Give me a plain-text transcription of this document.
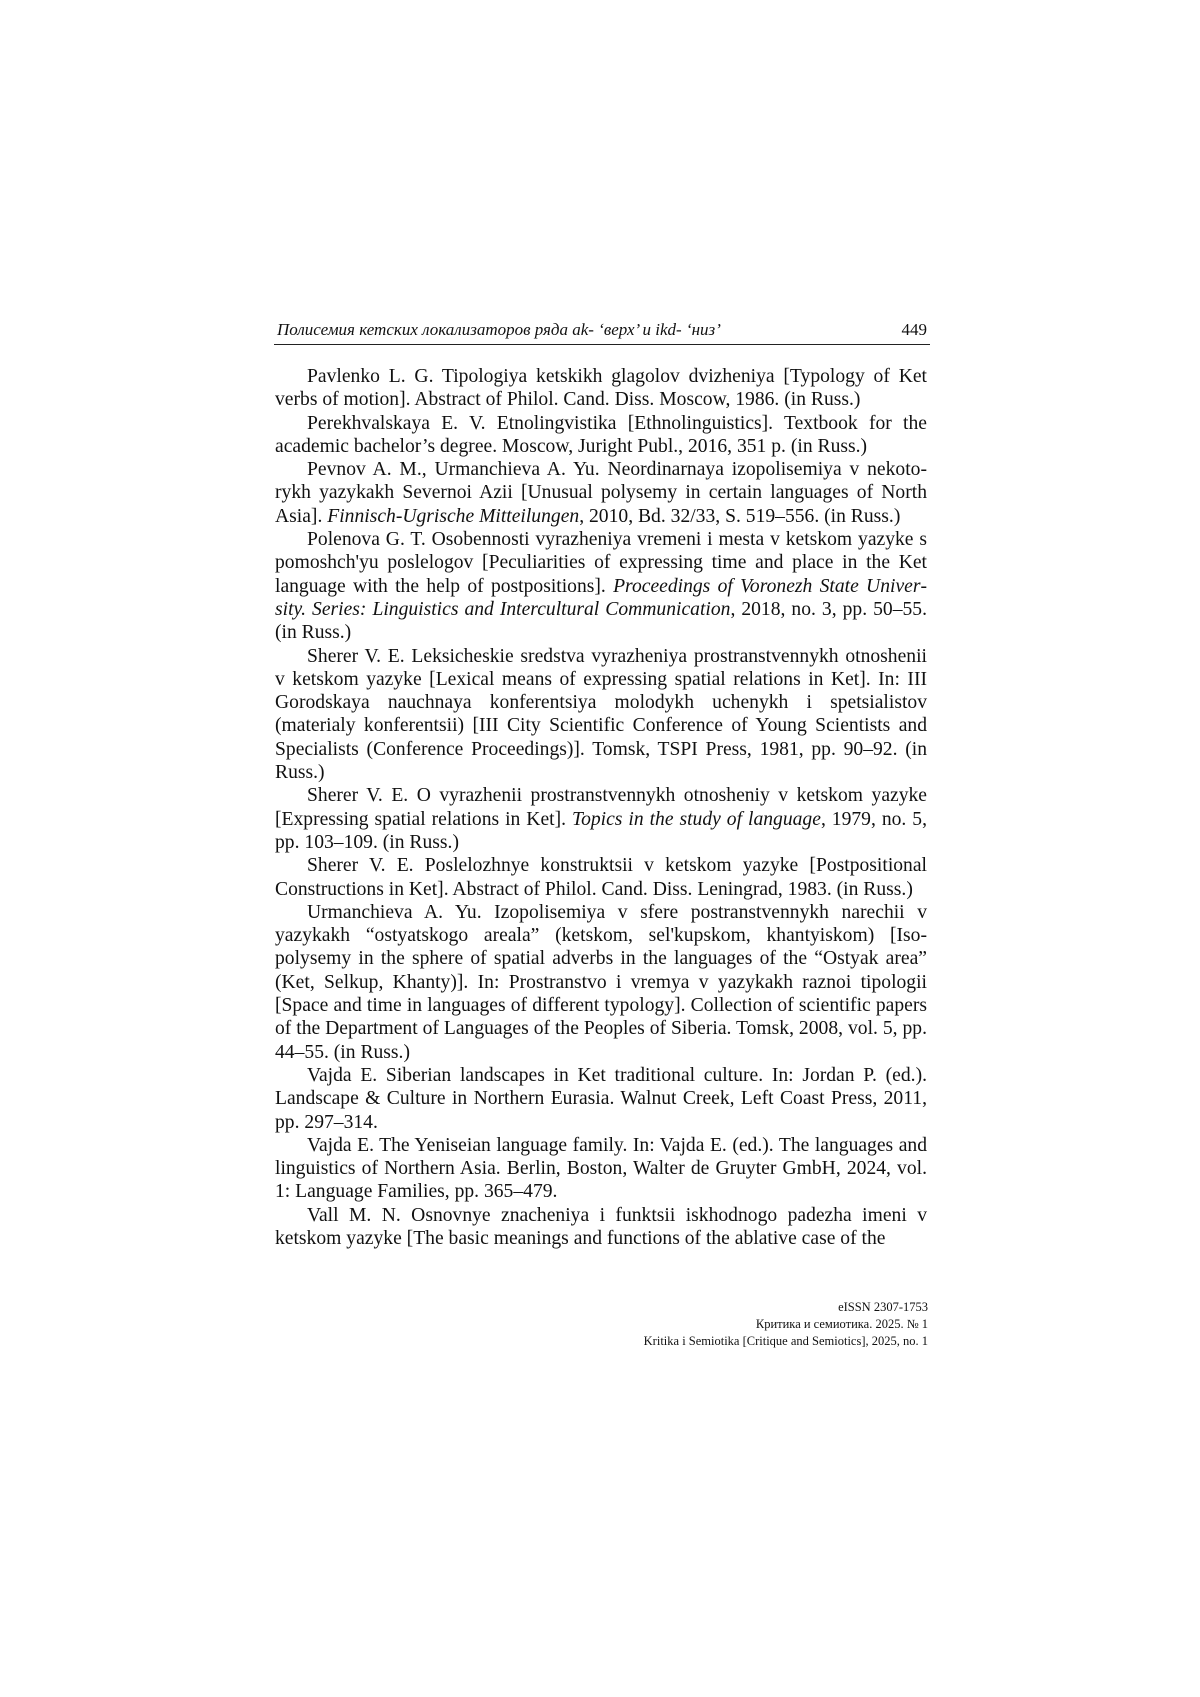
Полисемия кетских локализаторов ряда ak- ‘верх’ и ikd- ‘низ’	449

Pavlenko L. G. Tipologiya ketskikh glagolov dvizheniya [Typology of Ket verbs of motion]. Abstract of Philol. Cand. Diss. Moscow, 1986. (in Russ.)

Perekhvalskaya E. V. Etnolingvistika [Ethnolinguistics]. Textbook for the academic bachelor’s degree. Moscow, Juright Publ., 2016, 351 p. (in Russ.)

Pevnov A. M., Urmanchieva A. Yu. Neordinarnaya izopolisemiya v nekoto­rykh yazykakh Severnoi Azii [Unusual polysemy in certain languages of North Asia]. Finnisch-Ugrische Mitteilungen, 2010, Bd. 32/33, S. 519–556. (in Russ.)

Polenova G. T. Osobennosti vyrazheniya vremeni i mesta v ketskom yazyke s pomoshch'yu poslelogov [Peculiarities of expressing time and place in the Ket language with the help of postpositions]. Proceedings of Voronezh State Univer­sity. Series: Linguistics and Intercultural Communication, 2018, no. 3, pp. 50–55. (in Russ.)

Sherer V. E. Leksicheskie sredstva vyrazheniya prostranstvennykh otnoshe­nii v ketskom yazyke [Lexical means of expressing spatial relations in Ket]. In: III Gorodskaya nauchnaya konferentsiya molodykh uchenykh i spetsialistov (materialy konferentsii) [III City Scientific Conference of Young Scientists and Specialists (Conference Proceedings)]. Tomsk, TSPI Press, 1981, pp. 90–92. (in Russ.)

Sherer V. E. O vyrazhenii prostranstvennykh otnosheniy v ketskom yazyke [Expressing spatial relations in Ket]. Topics in the study of language, 1979, no. 5, pp. 103–109. (in Russ.)

Sherer V. E. Poslelozhnye konstruktsii v ketskom yazyke [Postpositional Constructions in Ket]. Abstract of Philol. Cand. Diss. Leningrad, 1983. (in Russ.)

Urmanchieva A. Yu. Izopolisemiya v sfere postranstvennykh narechii v yazykakh “ostyatskogo areala” (ketskom, sel'kupskom, khantyiskom) [Iso­polysemy in the sphere of spatial adverbs in the languages of the “Ostyak area” (Ket, Selkup, Khanty)]. In: Prostranstvo i vremya v yazykakh raznoi tipologii [Space and time in languages of different typology]. Collection of scientific papers of the Department of Languages of the Peoples of Siberia. Tomsk, 2008, vol. 5, pp. 44–55. (in Russ.)

Vajda E. Siberian landscapes in Ket traditional culture. In: Jordan P. (ed.). Landscape & Culture in Northern Eurasia. Walnut Creek, Left Coast Press, 2011, pp. 297–314.

Vajda E. The Yeniseian language family. In: Vajda E. (ed.). The languages and linguistics of Northern Asia. Berlin, Boston, Walter de Gruyter GmbH, 2024, vol. 1: Language Families, pp. 365–479.

Vall M. N. Osnovnye znacheniya i funktsii iskhodnogo padezha imeni v ketskom yazyke [The basic meanings and functions of the ablative case of the

eISSN 2307-1753
Критика и семиотика. 2025. № 1
Kritika i Semiotika [Critique and Semiotics], 2025, no. 1
